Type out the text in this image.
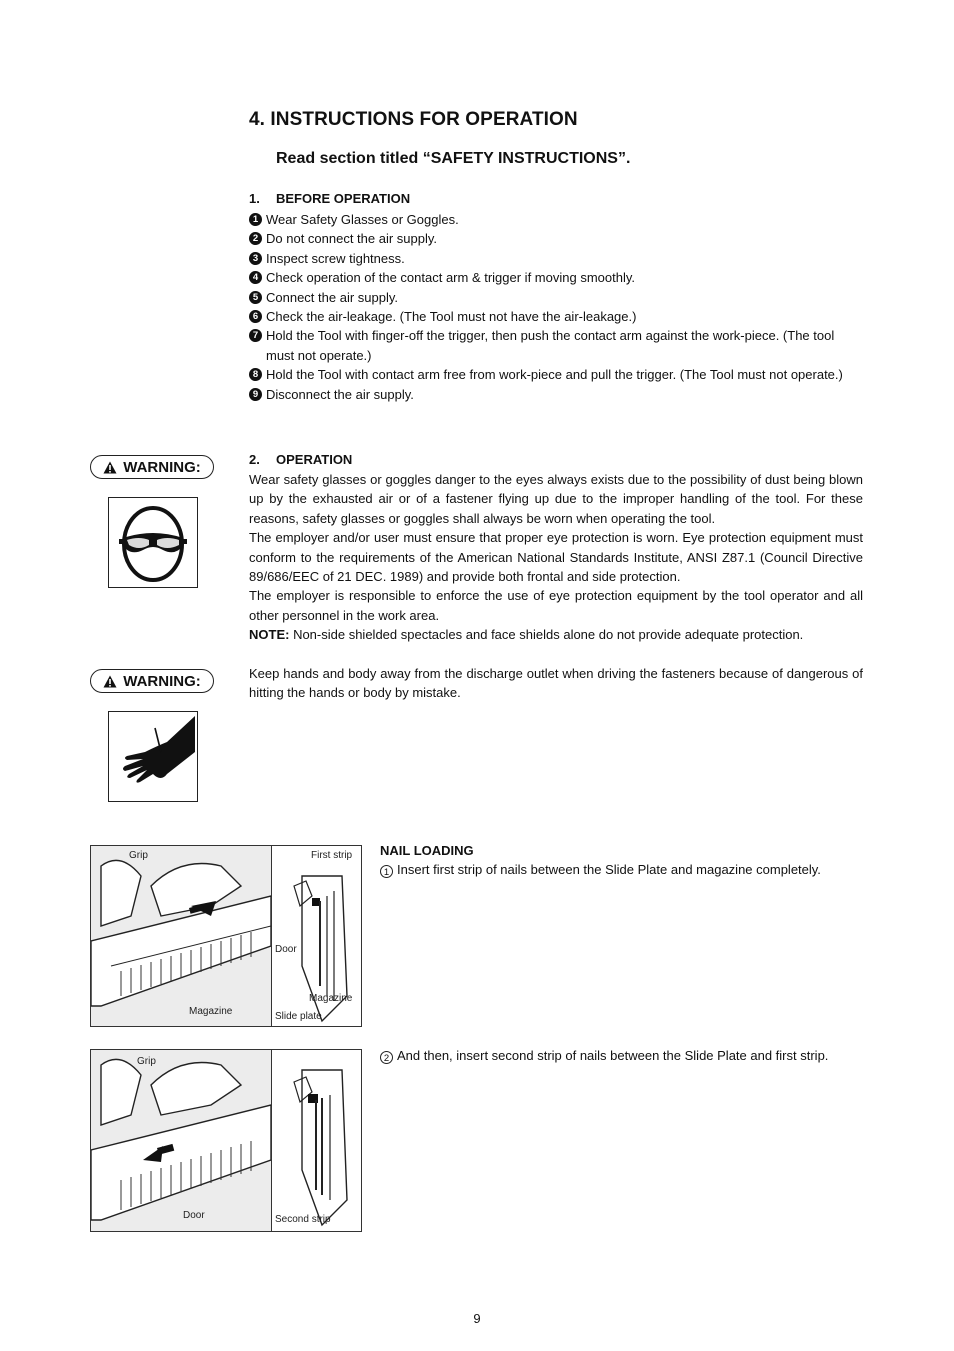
4. INSTRUCTIONS FOR OPERATION
Read section titled “SAFETY INSTRUCTIONS”.
1. BEFORE OPERATION
1 Wear Safety Glasses or Goggles.
2 Do not connect the air supply.
3 Inspect screw tightness.
4 Check operation of the contact arm & trigger if moving smoothly.
5 Connect the air supply.
6 Check the air-leakage. (The Tool must not have the air-leakage.)
7 Hold the Tool with finger-off the trigger, then push the contact arm against the work-piece. (The tool must not operate.)
8 Hold the Tool with contact arm free from work-piece and pull the trigger. (The Tool must not operate.)
9 Disconnect the air supply.
WARNING:	2. OPERATION
Wear safety glasses or goggles danger to the eyes always exists due to the possibility of dust being blown up by the exhausted air or of a fastener flying up due to the improper handling of the tool. For these reasons, safety glasses or goggles shall always be worn when operating the tool.
The employer and/or user must ensure that proper eye protection is worn. Eye protection equipment must conform to the requirements of the American National Standards Institute, ANSI Z87.1 (Council Directive 89/686/EEC of 21 DEC. 1989) and provide both frontal and side protection.
The employer is responsible to enforce the use of eye protection equipment by the tool operator and all other personnel in the work area.
NOTE: Non-side shielded spectacles and face shields alone do not provide adequate protection.
WARNING:	Keep hands and body away from the discharge outlet when driving the fasteners because of dangerous of hitting the hands or body by mistake.
Grip
Magazine
First strip
Door
Magazine
Slide plate
NAIL LOADING
1 Insert first strip of nails between the Slide Plate and magazine completely.
Grip
Door	Second strip
2 And then, insert second strip of nails between the Slide Plate and first strip.
9
